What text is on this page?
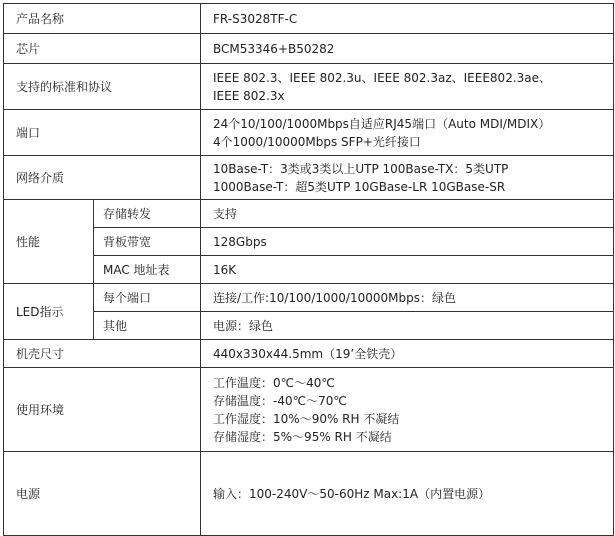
产品名称		FR-S3028TF-C
芯片		BCM53346+B50282
支持的标准和协议		IEEE 802.3、IEEE 802.3u、IEEE 802.3az、IEEE802.3ae、
IEEE 802.3x

端口		24个10/100/1000Mbps自适应RJ45端口（Auto MDI/MDIX）
4个1000/10000Mbps SFP+光纤接口

网络介质		10Base-T：3类或3类以上UTP 100Base-TX：5类UTP
1000Base-T：超5类UTP 10GBase-LR 10GBase-SR

性能	存储转发	支持
	背板带宽	128Gbps
	MAC 地址表	16K
LED指示	每个端口	连接/工作:10/100/1000/10000Mbps：绿色
	其他	电源：绿色
机壳尺寸		440x330x44.5mm（19’全铁壳）
使用环境		工作温度：0℃～40℃
存储温度：-40℃～70℃
工作湿度：10%～90% RH 不凝结
存储湿度：5%～95% RH 不凝结

电源		输入：100-240V～50-60Hz Max:1A（内置电源）
